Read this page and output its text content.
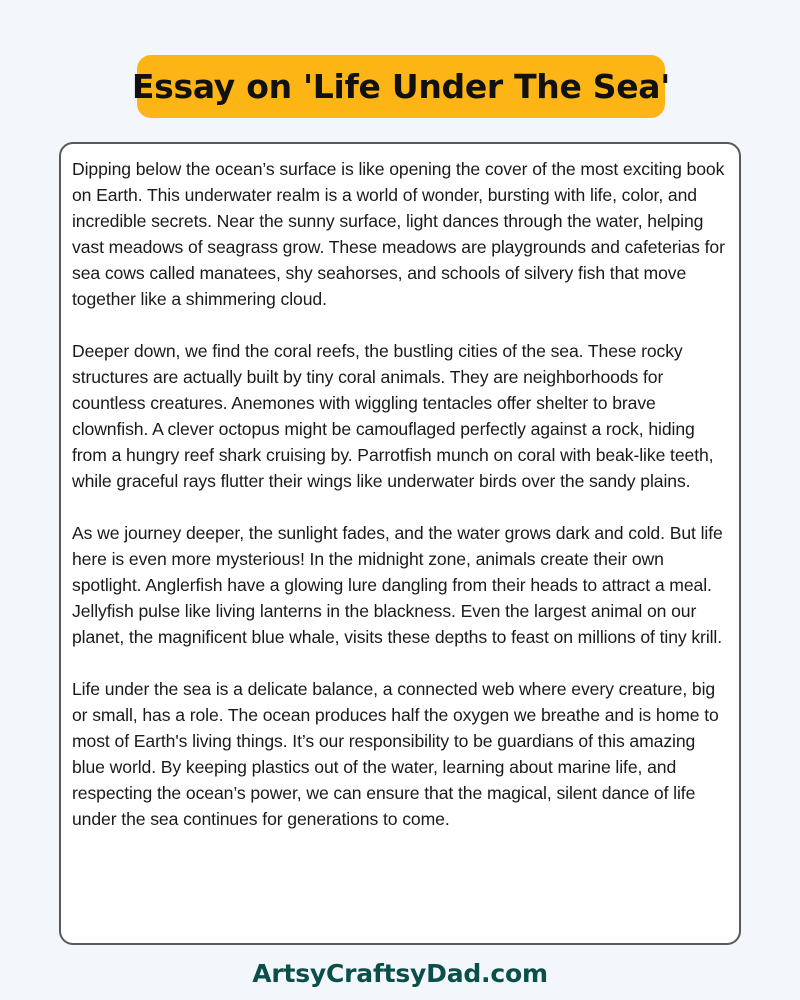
Essay on 'Life Under The Sea'

Dipping below the ocean’s surface is like opening the cover of the most exciting book on Earth. This underwater realm is a world of wonder, bursting with life, color, and incredible secrets. Near the sunny surface, light dances through the water, helping vast meadows of seagrass grow. These meadows are playgrounds and cafeterias for sea cows called manatees, shy seahorses, and schools of silvery fish that move together like a shimmering cloud.

Deeper down, we find the coral reefs, the bustling cities of the sea. These rocky structures are actually built by tiny coral animals. They are neighborhoods for countless creatures. Anemones with wiggling tentacles offer shelter to brave clownfish. A clever octopus might be camouflaged perfectly against a rock, hiding from a hungry reef shark cruising by. Parrotfish munch on coral with beak-like teeth, while graceful rays flutter their wings like underwater birds over the sandy plains.

As we journey deeper, the sunlight fades, and the water grows dark and cold. But life here is even more mysterious! In the midnight zone, animals create their own spotlight. Anglerfish have a glowing lure dangling from their heads to attract a meal. Jellyfish pulse like living lanterns in the blackness. Even the largest animal on our planet, the magnificent blue whale, visits these depths to feast on millions of tiny krill.

Life under the sea is a delicate balance, a connected web where every creature, big or small, has a role. The ocean produces half the oxygen we breathe and is home to most of Earth's living things. It’s our responsibility to be guardians of this amazing blue world. By keeping plastics out of the water, learning about marine life, and respecting the ocean’s power, we can ensure that the magical, silent dance of life under the sea continues for generations to come.

ArtsyCraftsyDad.com
